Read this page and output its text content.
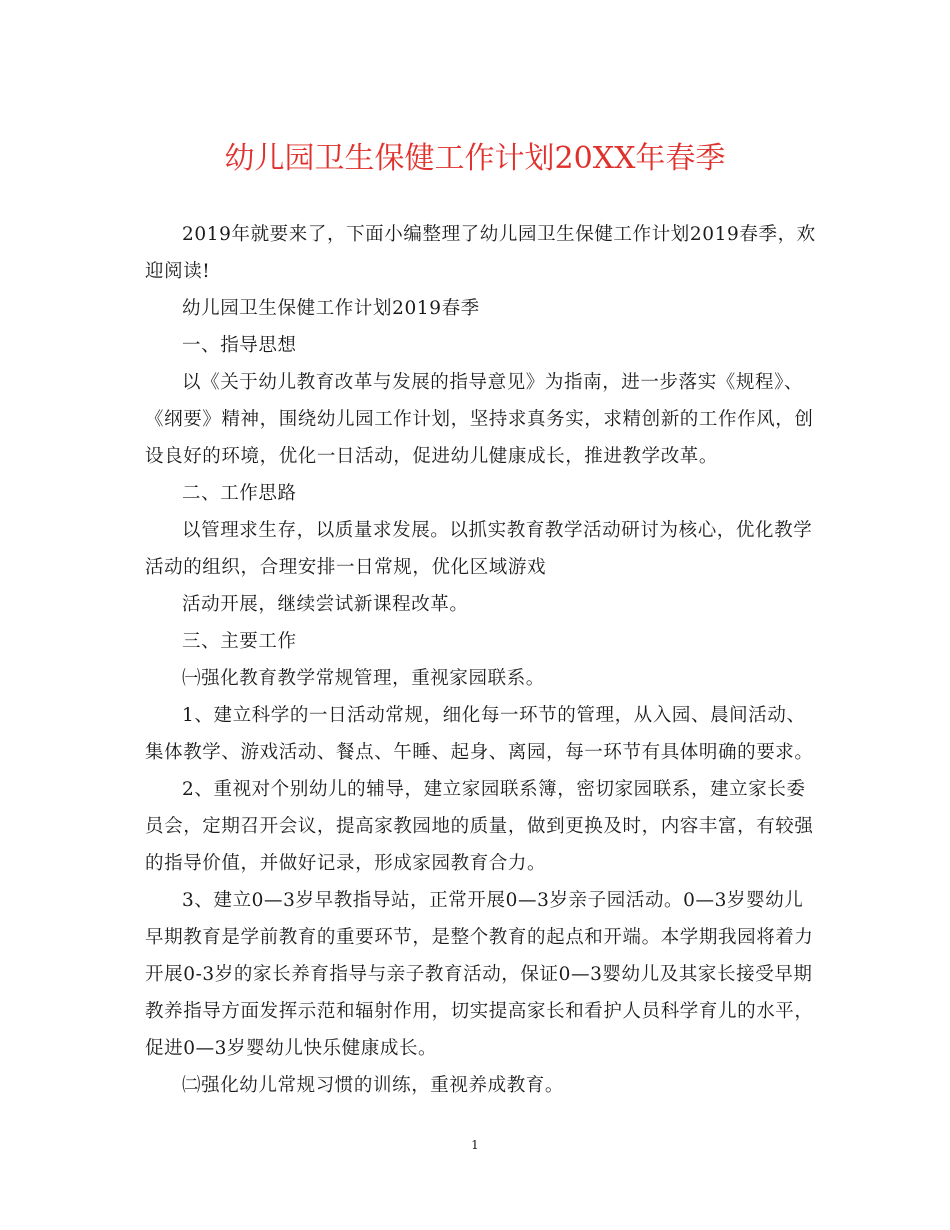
幼儿园卫生保健工作计划20XX年春季
2019年就要来了，下面小编整理了幼儿园卫生保健工作计划2019春季，欢
迎阅读!
幼儿园卫生保健工作计划2019春季
一、指导思想
以《关于幼儿教育改革与发展的指导意见》为指南，进一步落实《规程》、
《纲要》精神，围绕幼儿园工作计划，坚持求真务实，求精创新的工作作风，创
设良好的环境，优化一日活动，促进幼儿健康成长，推进教学改革。
二、工作思路
以管理求生存，以质量求发展。以抓实教育教学活动研讨为核心，优化教学
活动的组织，合理安排一日常规，优化区域游戏
活动开展，继续尝试新课程改革。
三、主要工作
㈠强化教育教学常规管理，重视家园联系。
1、建立科学的一日活动常规，细化每一环节的管理，从入园、晨间活动、
集体教学、游戏活动、餐点、午睡、起身、离园，每一环节有具体明确的要求。
2、重视对个别幼儿的辅导，建立家园联系簿，密切家园联系，建立家长委
员会，定期召开会议，提高家教园地的质量，做到更换及时，内容丰富，有较强
的指导价值，并做好记录，形成家园教育合力。
3、建立0—3岁早教指导站，正常开展0—3岁亲子园活动。0—3岁婴幼儿
早期教育是学前教育的重要环节，是整个教育的起点和开端。本学期我园将着力
开展0-3岁的家长养育指导与亲子教育活动，保证0—3婴幼儿及其家长接受早期
教养指导方面发挥示范和辐射作用，切实提高家长和看护人员科学育儿的水平，
促进0—3岁婴幼儿快乐健康成长。
㈡强化幼儿常规习惯的训练，重视养成教育。
1
